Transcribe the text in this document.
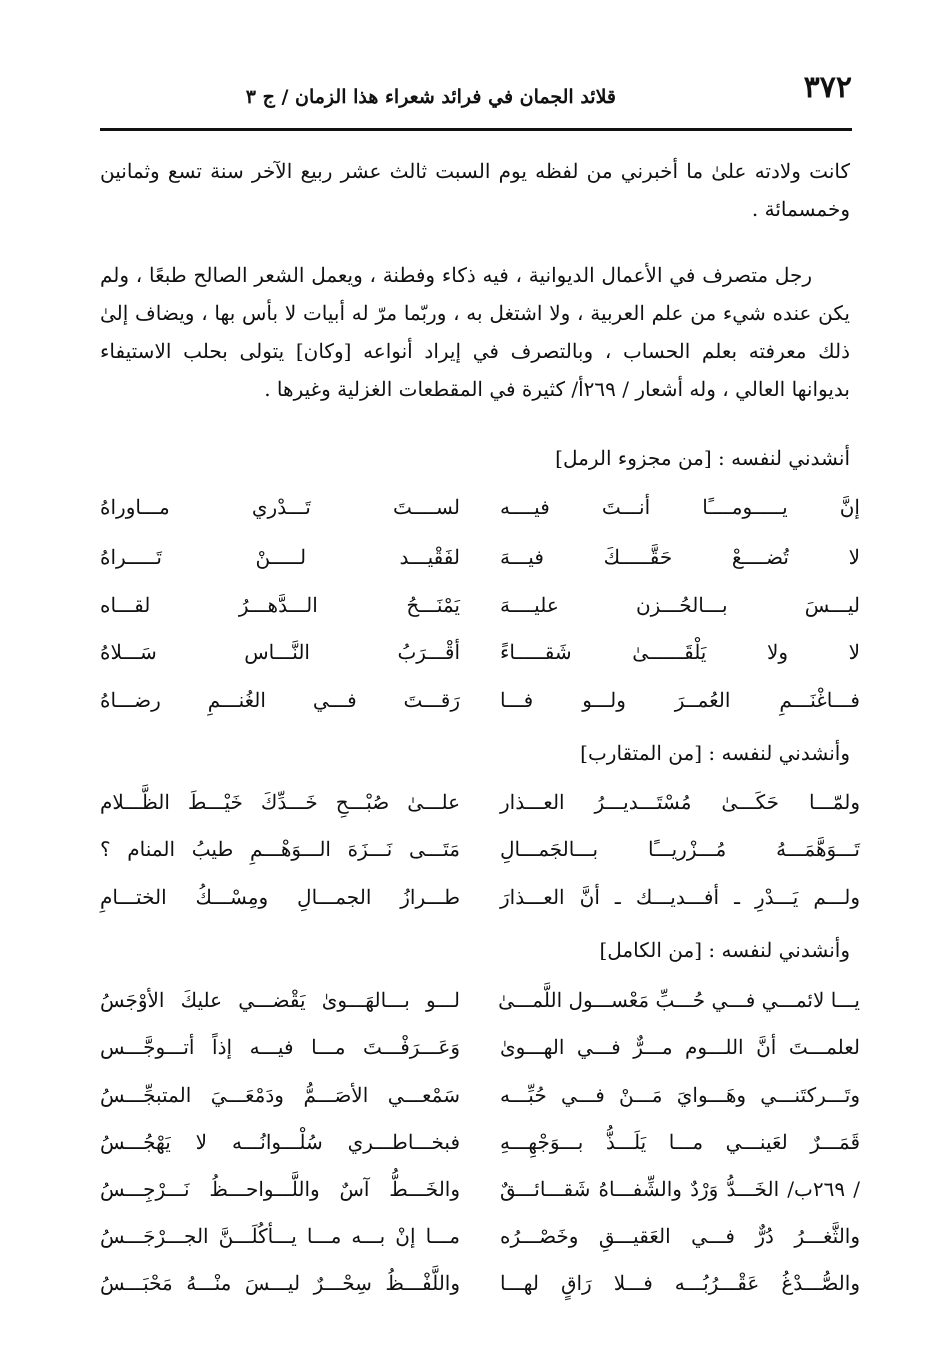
٣٧٢
قلائد الجمان في فرائد شعراء هذا الزمان / ج ٣
كانت ولادته علىٰ ما أخبرني من لفظه يوم السبت ثالث عشر ربيع الآخر سنة تسع وثمانين وخمسمائة .
رجل متصرف في الأعمال الديوانية ، فيه ذكاء وفطنة ، ويعمل الشعر الصالح طبعًا ، ولم يكن عنده شيء من علم العربية ، ولا اشتغل به ، وربّما مرّ له أبيات لا بأس بها ، ويضاف إلىٰ ذلك معرفته بعلم الحساب ، وبالتصرف في إيراد أنواعه [وكان] يتولى بحلب الاستيفاء بديوانها العالي ، وله أشعار / ٢٦٩أ/ كثيرة في المقطعات الغزلية وغيرها .
أنشدني لنفسه : [من مجزوء الرمل]
إنَّ يـــــومــــًا أنـــتَ فيــــه
لســــتَ تَـــدْري مـــاوراهُ
لا تُضــــعْ حَقَّـــــكَ فيـــهَ
لفَقْيـــد لـــــنْ تَـــــراهُ
ليـــسَ بـــالحُـــزن عليــــهَ
يَمْنَـــحُ الـــدَّهـــرُ لقـــاه
لا ولا يَلْقَــــــىٰ شَقـــــاءً
أقْـــرَبُ النَّـــاس سَـــلاهُ
فـــاغْنَـــمِ العُمــرَ ولـــو فـــا
رَقـــتَ فـــي الغُنـــمِ رضـــاهُ
وأنشدني لنفسه : [من المتقارب]
ولمّـــا حَكَـــىٰ مُسْتَـــديـــرُ العـــذار
علـــىٰ صُبْـــحِ خَـــدِّكَ خَيْـــطَ الظَّـــلام
تَـــوَهَّمَـــهُ مُـــزْريـــًا بـــالجَمـــالِ
مَتَـــى نَـــزَهَ الـــوَهْـــمِ طيبُ المنام ؟
ولـــم يَـــدْرِ ـ أفـــديـــك ـ أنَّ العـــذارَ
طـــرازُ الجمـــالِ ومِسْـــكُ الختـــامِ
وأنشدني لنفسه : [من الكامل]
يـــا لائمـــي فـــي حُـــبِّ مَعْســـول اللَّمـــىٰ
لـــو بـــالهَـــوىٰ يَقْضـــي عليكَ الأوْجَسُ
لعلمـــتَ أنَّ اللـــوم مـــرٌّ فـــي الهـــوىٰ
وَعَـــرَفْـــتَ مـــا فيـــه إذاً أتـــوجَّـــس
وتَـــركتَنـــي وهَـــوايَ مَـــنْ فـــي حُبِّـــه
سَمْعـــي الأصَـــمُّ ودَمْعَـــيَ المتبجِّـــسُ
قَمَـــرٌ لعَينـــي مـــا يَلَـــذُّ بـــوَجْهِـــهِ
فبخـــاطـــري سُلْـــوانُـــه لا يَهْجُـــسُ
/ ٢٦٩ب/ الخَـــدُّ وَرْدٌ والشِّفـــاهُ شَقـــائـــقٌ
والخَـــطُّ آسٌ واللَّـــواحـــظُ نَـــرْجِـــسُ
والثَّغـــرُ دُرٌّ فـــي العَقيـــقِ وخَصْـــرُه
مـــا إنْ بـــه مـــا يـــأكُلَـــنَّ الجـــرْجَـــسُ
والصُّـــدْغُ عَقْـــرُبُـــه فـــلا رَاقٍ لهـــا
واللَّفْـــظُ سِحْـــرٌ ليـــسَ منْـــهُ مَحْبَـــسُ
